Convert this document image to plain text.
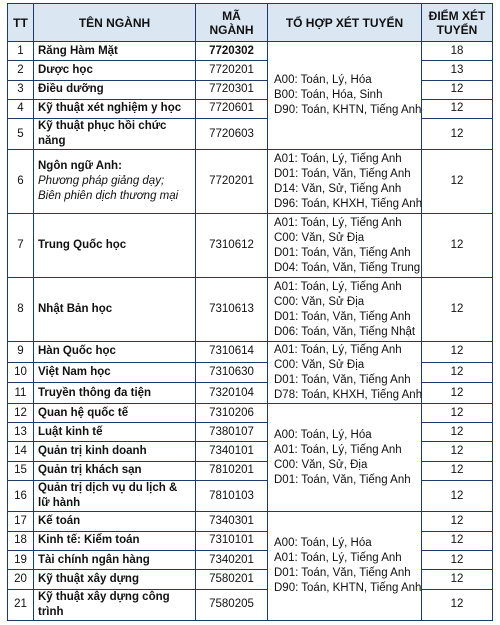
TT	TÊN NGÀNH	MÃ NGÀNH	TỔ HỢP XÉT TUYỂN	ĐIỂM XÉT TUYỂN
1	Răng Hàm Mặt	7720302	A00: Toán, Lý, Hóa
B00: Toán, Hóa, Sinh
D90: Toán, KHTN, Tiếng Anh	18
2	Dược học	7720201		13
3	Điều dưỡng	7720301		12
4	Kỹ thuật xét nghiệm y học	7720601		12
5	Kỹ thuật phục hồi chức năng	7720603		12
6	Ngôn ngữ Anh:
Phương pháp giảng dạy;
Biên phiên dịch thương mại	7720201	A01: Toán, Lý, Tiếng Anh
D01: Toán, Văn, Tiếng Anh
D14: Văn, Sử, Tiếng Anh
D96: Toán, KHXH, Tiếng Anh	12
7	Trung Quốc học	7310612	A01: Toán, Lý, Tiếng Anh
C00: Văn, Sử Địa
D01: Toán, Văn, Tiếng Anh
D04: Toán, Văn, Tiếng Trung	12
8	Nhật Bản học	7310613	A01: Toán, Lý, Tiếng Anh
C00: Văn, Sử Địa
D01: Toán, Văn, Tiếng Anh
D06: Toán, Văn, Tiếng Nhật	12
9	Hàn Quốc học	7310614	A01: Toán, Lý, Tiếng Anh
C00: Văn, Sử Địa
D01: Toán, Văn, Tiếng Anh
D78: Toán, KHXH, Tiếng Anh	12
10	Việt Nam học	7310630		12
11	Truyền thông đa tiện	7320104		12
12	Quan hệ quốc tế	7310206	A00: Toán, Lý, Hóa
A01: Toán, Lý, Tiếng Anh
C00: Văn, Sử, Địa
D01: Toán, Văn, Tiếng Anh	12
13	Luật kinh tế	7380107		12
14	Quản trị kinh doanh	7340101		12
15	Quản trị khách sạn	7810201		12
16	Quản trị dịch vụ du lịch & lữ hành	7810103		12
17	Kế toán	7340301	A00: Toán, Lý, Hóa
A01: Toán, Lý, Tiếng Anh
D01: Toán, Văn, Tiếng Anh
D90: Toán, KHTN, Tiếng Anh	12
18	Kinh tế: Kiểm toán	7310101		12
19	Tài chính ngân hàng	7340201		12
20	Kỹ thuật xây dựng	7580201		12
21	Kỹ thuật xây dựng công trình	7580205		12
